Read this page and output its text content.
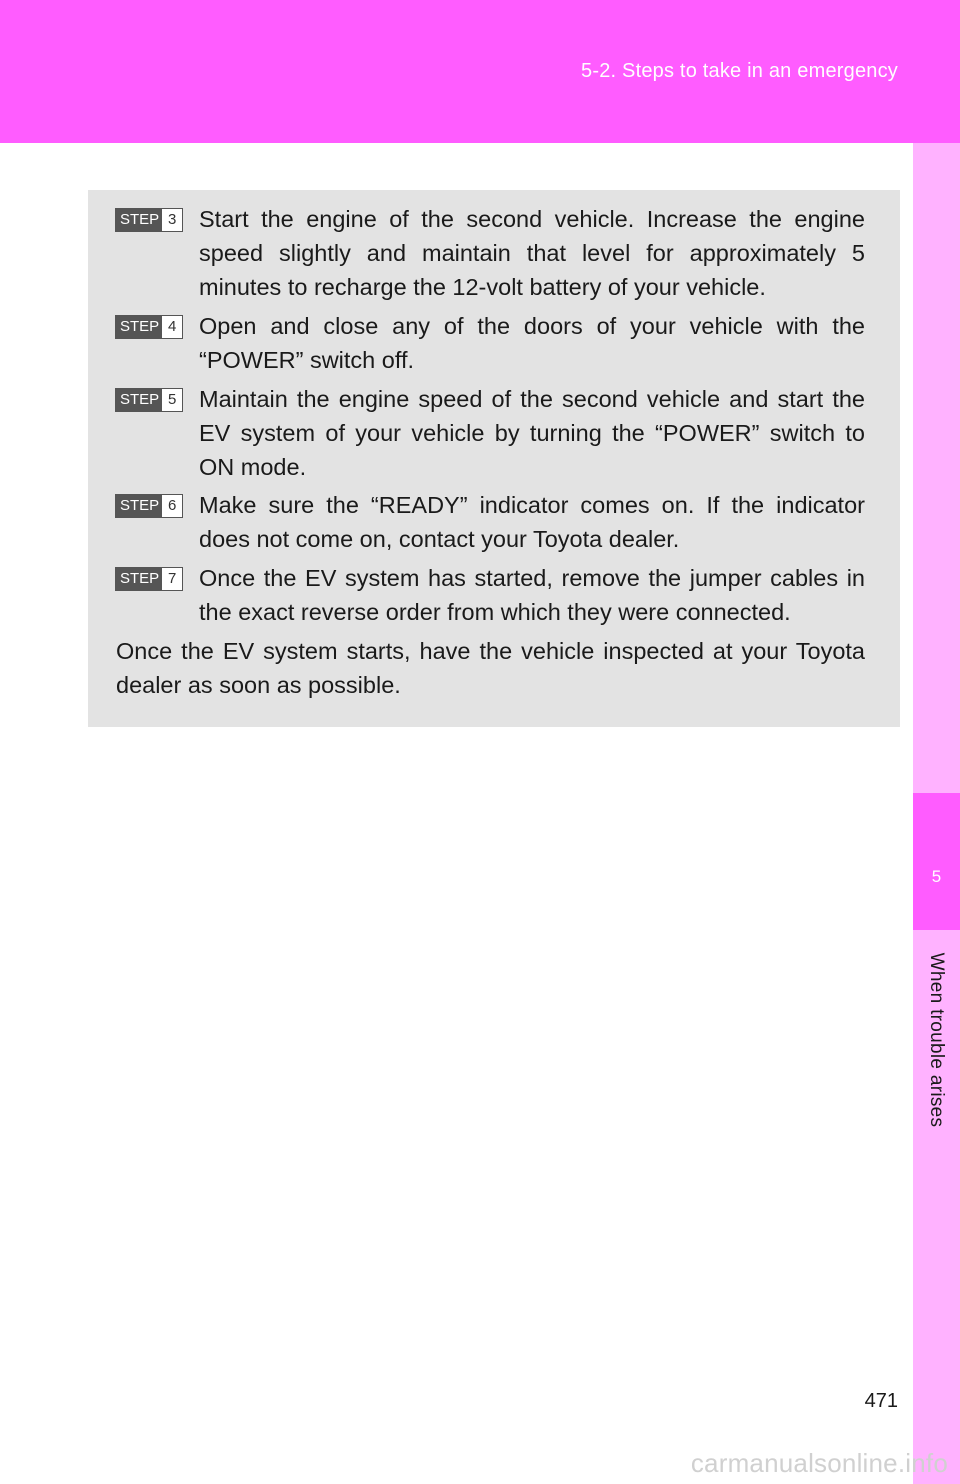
5-2. Steps to take in an emergency
5
When trouble arises
STEP 3 Start the engine of the second vehicle. Increase the engine speed slightly and maintain that level for approximately 5 minutes to recharge the 12-volt battery of your vehicle.
STEP 4 Open and close any of the doors of your vehicle with the “POWER” switch off.
STEP 5 Maintain the engine speed of the second vehicle and start the EV system of your vehicle by turning the “POWER” switch to ON mode.
STEP 6 Make sure the “READY” indicator comes on. If the indicator does not come on, contact your Toyota dealer.
STEP 7 Once the EV system has started, remove the jumper cables in the exact reverse order from which they were connected.
Once the EV system starts, have the vehicle inspected at your Toyota dealer as soon as possible.
471
carmanualsonline.info
